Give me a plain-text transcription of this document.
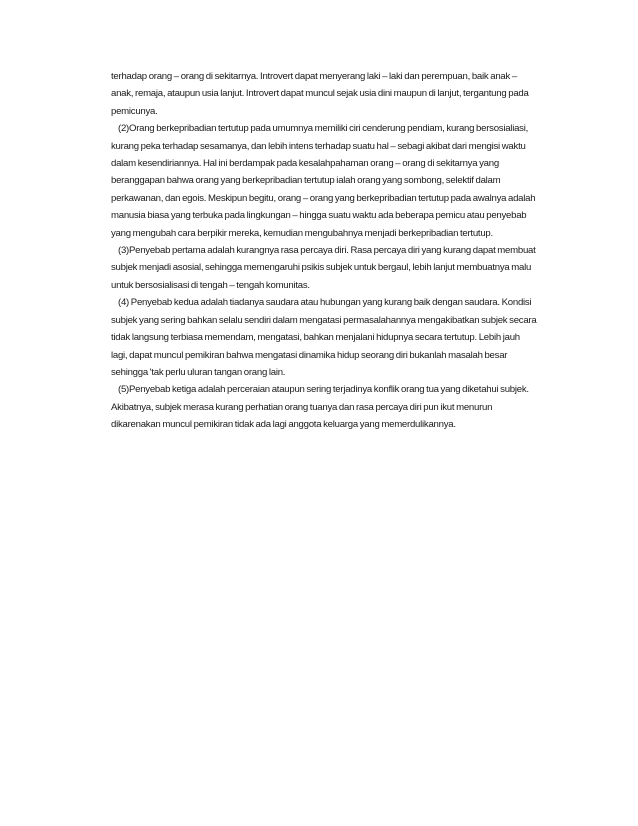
terhadap orang – orang di sekitarnya. Introvert dapat menyerang laki – laki dan perempuan, baik anak –
anak, remaja, ataupun usia lanjut. Introvert dapat muncul sejak usia dini maupun di lanjut, tergantung pada
pemicunya.

(2)Orang berkepribadian tertutup pada umumnya memiliki ciri cenderung pendiam, kurang bersosialiasi,
kurang peka terhadap sesamanya, dan lebih intens terhadap suatu hal – sebagi akibat dari mengisi waktu
dalam kesendiriannya. Hal ini berdampak pada kesalahpahaman orang – orang di sekitarnya yang
beranggapan bahwa orang yang berkepribadian tertutup ialah orang yang sombong, selektif dalam
perkawanan, dan egois. Meskipun begitu, orang – orang yang berkepribadian tertutup pada awalnya adalah
manusia biasa yang terbuka pada lingkungan – hingga suatu waktu ada beberapa pemicu atau penyebab
yang mengubah cara berpikir mereka, kemudian mengubahnya menjadi berkepribadian tertutup.

(3)Penyebab pertama adalah kurangnya rasa percaya diri. Rasa percaya diri yang kurang dapat membuat
subjek menjadi asosial, sehingga memengaruhi psikis subjek untuk bergaul, lebih lanjut membuatnya malu
untuk bersosialisasi di tengah – tengah komunitas.

(4) Penyebab kedua adalah tiadanya saudara atau hubungan yang kurang baik dengan saudara. Kondisi
subjek yang sering bahkan selalu sendiri dalam mengatasi permasalahannya mengakibatkan subjek secara
tidak langsung terbiasa memendam, mengatasi, bahkan menjalani hidupnya secara tertutup. Lebih jauh
lagi, dapat muncul pemikiran bahwa mengatasi dinamika hidup seorang diri bukanlah masalah besar
sehingga 'tak perlu uluran tangan orang lain.

(5)Penyebab ketiga adalah perceraian ataupun sering terjadinya konflik orang tua yang diketahui subjek.
Akibatnya, subjek merasa kurang perhatian orang tuanya dan rasa percaya diri pun ikut menurun
dikarenakan muncul pemikiran tidak ada lagi anggota keluarga yang memerdulikannya.
